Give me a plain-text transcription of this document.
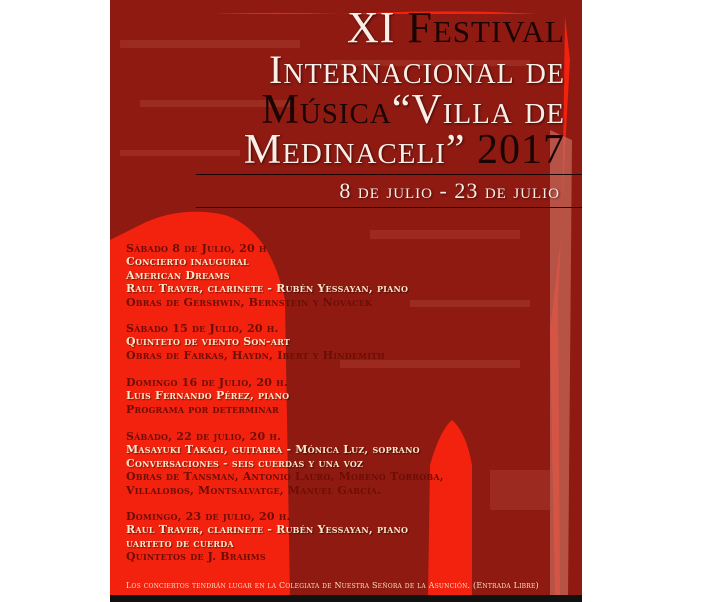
XI Festival
Internacional de
Música“Villa de
Medinaceli” 2017
8 de julio - 23 de julio
Sábado 8 de Julio, 20 h
Concierto inaugural
American Dreams
Raul Traver, clarinete - Rubén Yessayan, piano
Obras de Gershwin, Bernstein y Novacek
Sábado 15 de Julio, 20 h.
Quinteto de viento Son-art
Obras de Farkas, Haydn, Ibert y Hindemith
Domingo 16 de Julio, 20 h.
Luis Fernando Pérez, piano
Programa por determinar
Sábado, 22 de julio, 20 h.
Masayuki Takagi, guitarra - Mónica Luz, soprano
Conversaciones - seis cuerdas y una voz
Obras de Tansman, Antonio Lauro, Moreno Torroba,
Villalobos, Montsalvatge, Manuel García.
Domingo, 23 de julio, 20 h.
Raul Traver, clarinete - Rubén Yessayan, piano
uarteto de cuerda
Quintetos de J. Brahms
Los conciertos tendrán lugar en la Colegiata de Nuestra Señora de la Asunción. (Entrada Libre)
